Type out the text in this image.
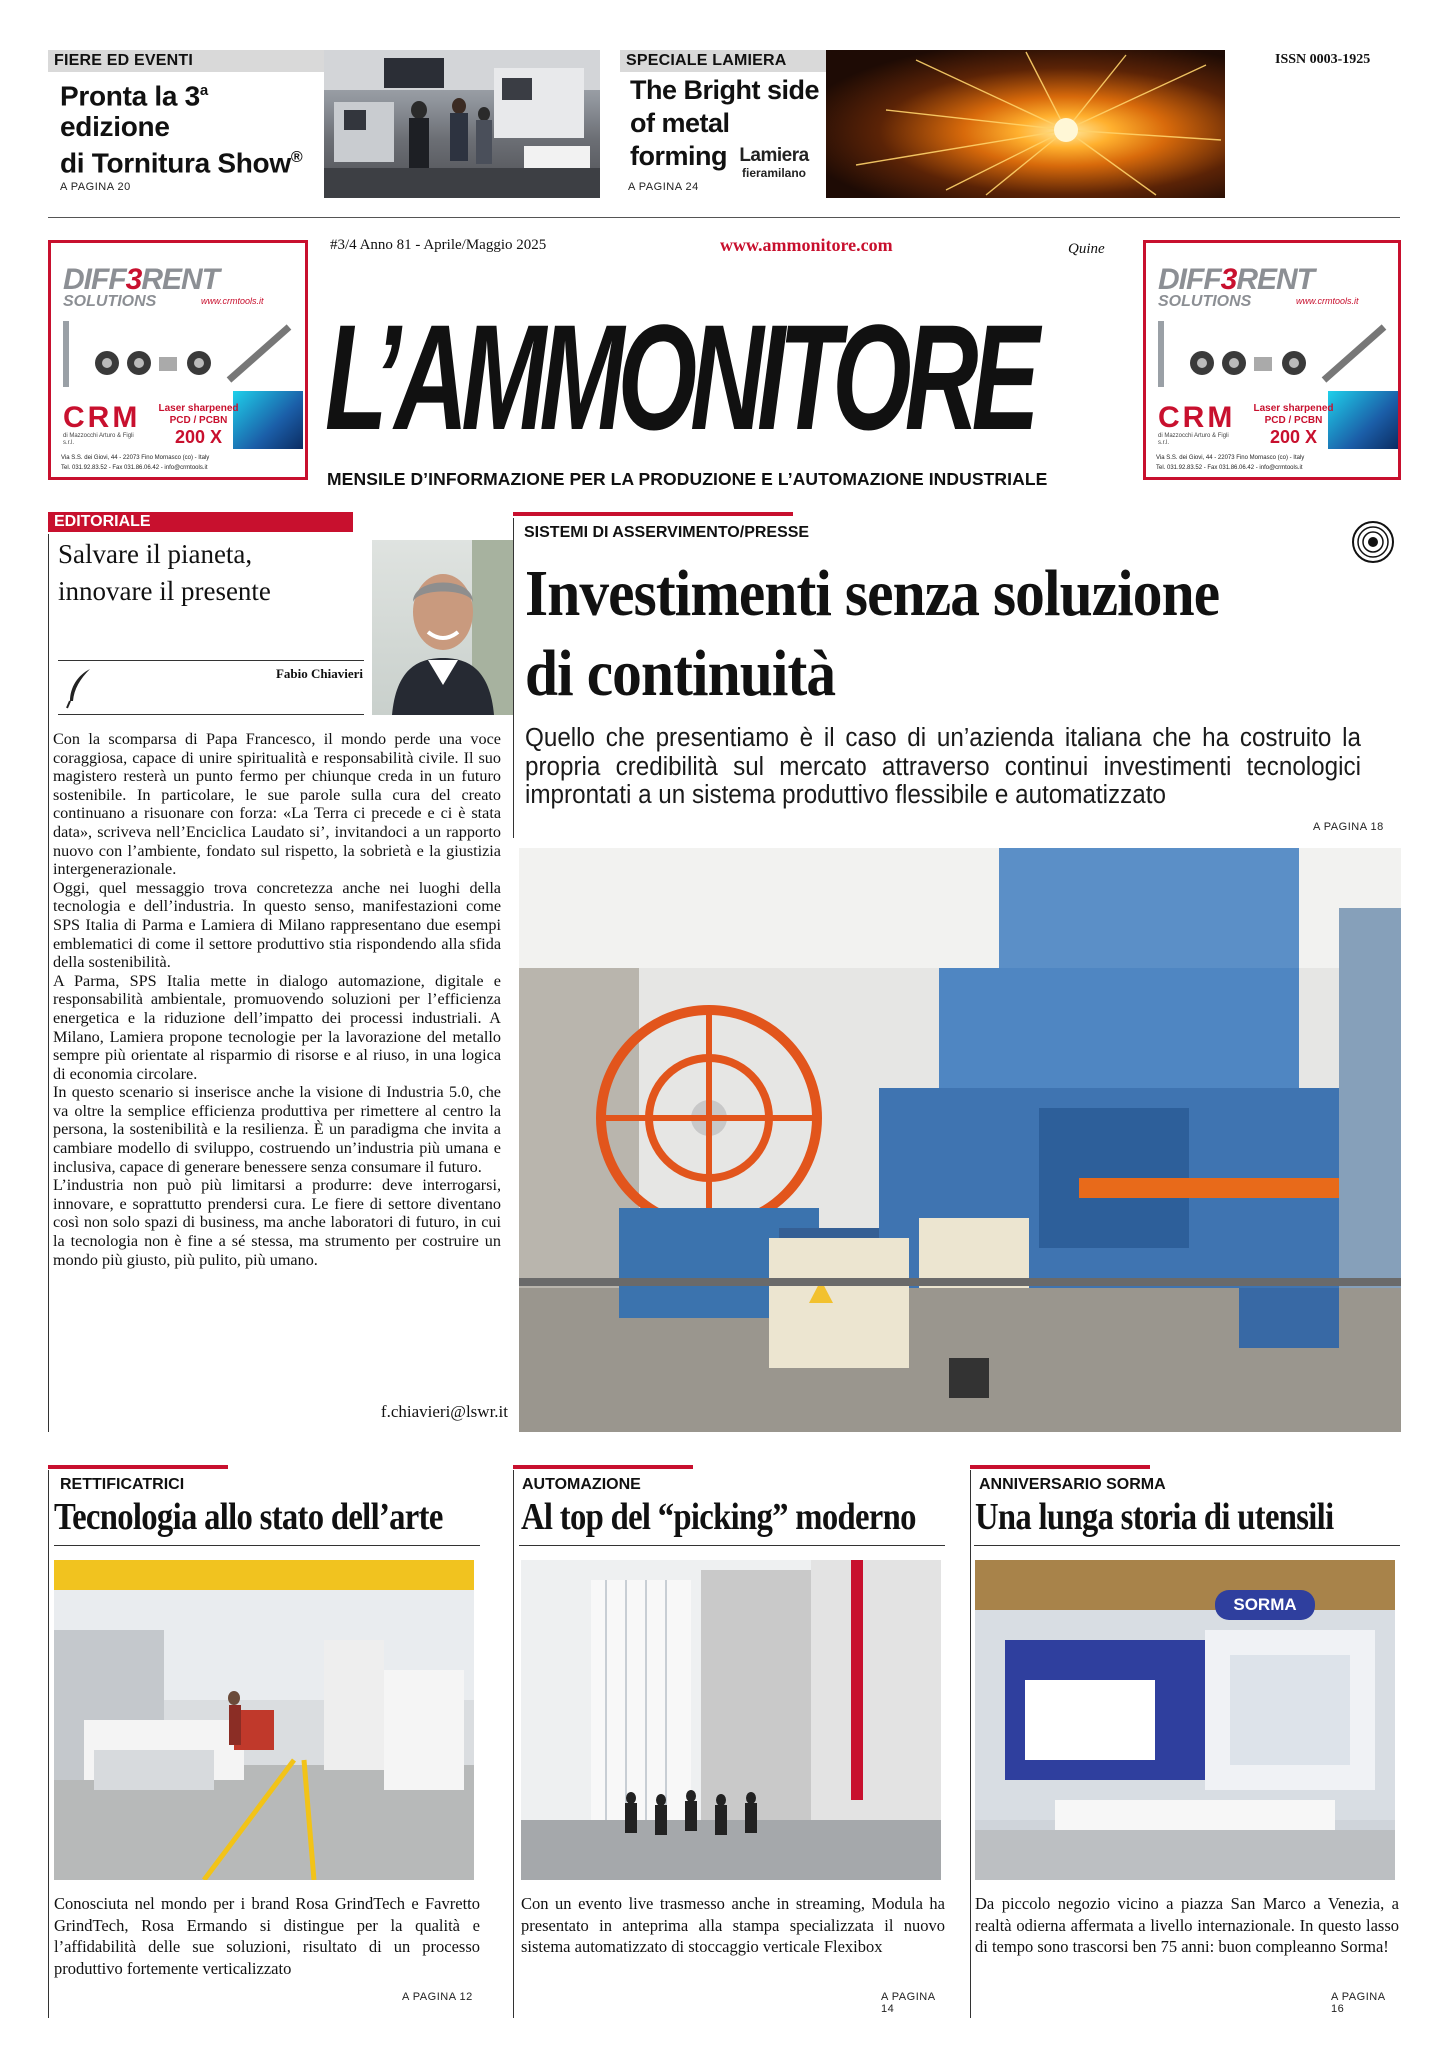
FIERE ED EVENTI
Pronta la 3$^a$
edizione
di Tornitura Show®
A PAGINA 20
SPECIALE LAMIERA
The Bright side
of metal forming Lamiera
fieramilano
A PAGINA 24
ISSN 0003-1925
#3/4 Anno 81 - Aprile/Maggio 2025	www.ammonitore.com	Quine
L’AMMONITORE
MENSILE D’INFORMAZIONE PER LA PRODUZIONE E L’AUTOMAZIONE INDUSTRIALE
DIFF3RENT
SOLUTIONS	www.crmtools.it
CRM
di Mazzocchi Arturo & Figli s.r.l.
Laser sharpened
PCD / PCBN
200 X
Via S.S. dei Giovi, 44 - 22073 Fino Mornasco (co) - Italy
Tel. 031.92.83.52 - Fax 031.86.06.42 - info@crmtools.it
DIFF3RENT
SOLUTIONS	www.crmtools.it
CRM
di Mazzocchi Arturo & Figli s.r.l.
Laser sharpened
PCD / PCBN
200 X
Via S.S. dei Giovi, 44 - 22073 Fino Mornasco (co) - Italy
Tel. 031.92.83.52 - Fax 031.86.06.42 - info@crmtools.it
EDITORIALE
Salvare il pianeta,
innovare il presente
Fabio Chiavieri

Con la scomparsa di Papa Francesco, il mondo perde una voce coraggiosa, capace di unire spiritualità e responsabilità civile. Il suo magistero resterà un punto fermo per chiunque creda in un futuro sostenibile. In particolare, le sue parole sulla cura del creato continuano a risuonare con forza: «La Terra ci precede e ci è stata data», scriveva nell’Enciclica Laudato si’, invitandoci a un rapporto nuovo con l’ambiente, fondato sul rispetto, la sobrietà e la giustizia intergenerazionale.

Oggi, quel messaggio trova concretezza anche nei luoghi della tecnologia e dell’industria. In questo senso, manifestazioni come SPS Italia di Parma e Lamiera di Milano rappresentano due esempi emblematici di come il settore produttivo stia rispondendo alla sfida della sostenibilità.

A Parma, SPS Italia mette in dialogo automazione, digitale e responsabilità ambientale, promuovendo soluzioni per l’efficienza energetica e la riduzione dell’impatto dei processi industriali. A Milano, Lamiera propone tecnologie per la lavorazione del metallo sempre più orientate al risparmio di risorse e al riuso, in una logica di economia circolare.

In questo scenario si inserisce anche la visione di Industria 5.0, che va oltre la semplice efficienza produttiva per rimettere al centro la persona, la sostenibilità e la resilienza. È un paradigma che invita a cambiare modello di sviluppo, costruendo un’industria più umana e inclusiva, capace di generare benessere senza consumare il futuro.

L’industria non può più limitarsi a produrre: deve interrogarsi, innovare, e soprattutto prendersi cura. Le fiere di settore diventano così non solo spazi di business, ma anche laboratori di futuro, in cui la tecnologia non è fine a sé stessa, ma strumento per costruire un mondo più giusto, più pulito, più umano.

f.chiavieri@lswr.it
SISTEMI DI ASSERVIMENTO/PRESSE
Investimenti senza soluzione
di continuità
Quello che presentiamo è il caso di un’azienda italiana che ha costruito la propria credibilità sul mercato attraverso continui investimenti tecnologici improntati a un sistema produttivo flessibile e automatizzato
A PAGINA 18
RETTIFICATRICI
Tecnologia allo stato dell’arte
Conosciuta nel mondo per i brand Rosa GrindTech e Favretto GrindTech, Rosa Ermando si distingue per la qualità e l’affidabilità delle sue soluzioni, risultato di un processo produttivo fortemente verticalizzato
A PAGINA 12
AUTOMAZIONE
Al top del “picking” moderno
Con un evento live trasmesso anche in streaming, Modula ha presentato in anteprima alla stampa specializzata il nuovo sistema automatizzato di stoccaggio verticale Flexibox
A PAGINA 14
ANNIVERSARIO SORMA
Una lunga storia di utensili
SORMA
Da piccolo negozio vicino a piazza San Marco a Venezia, a realtà odierna affermata a livello internazionale. In questo lasso di tempo sono trascorsi ben 75 anni: buon compleanno Sorma!
A PAGINA 16
